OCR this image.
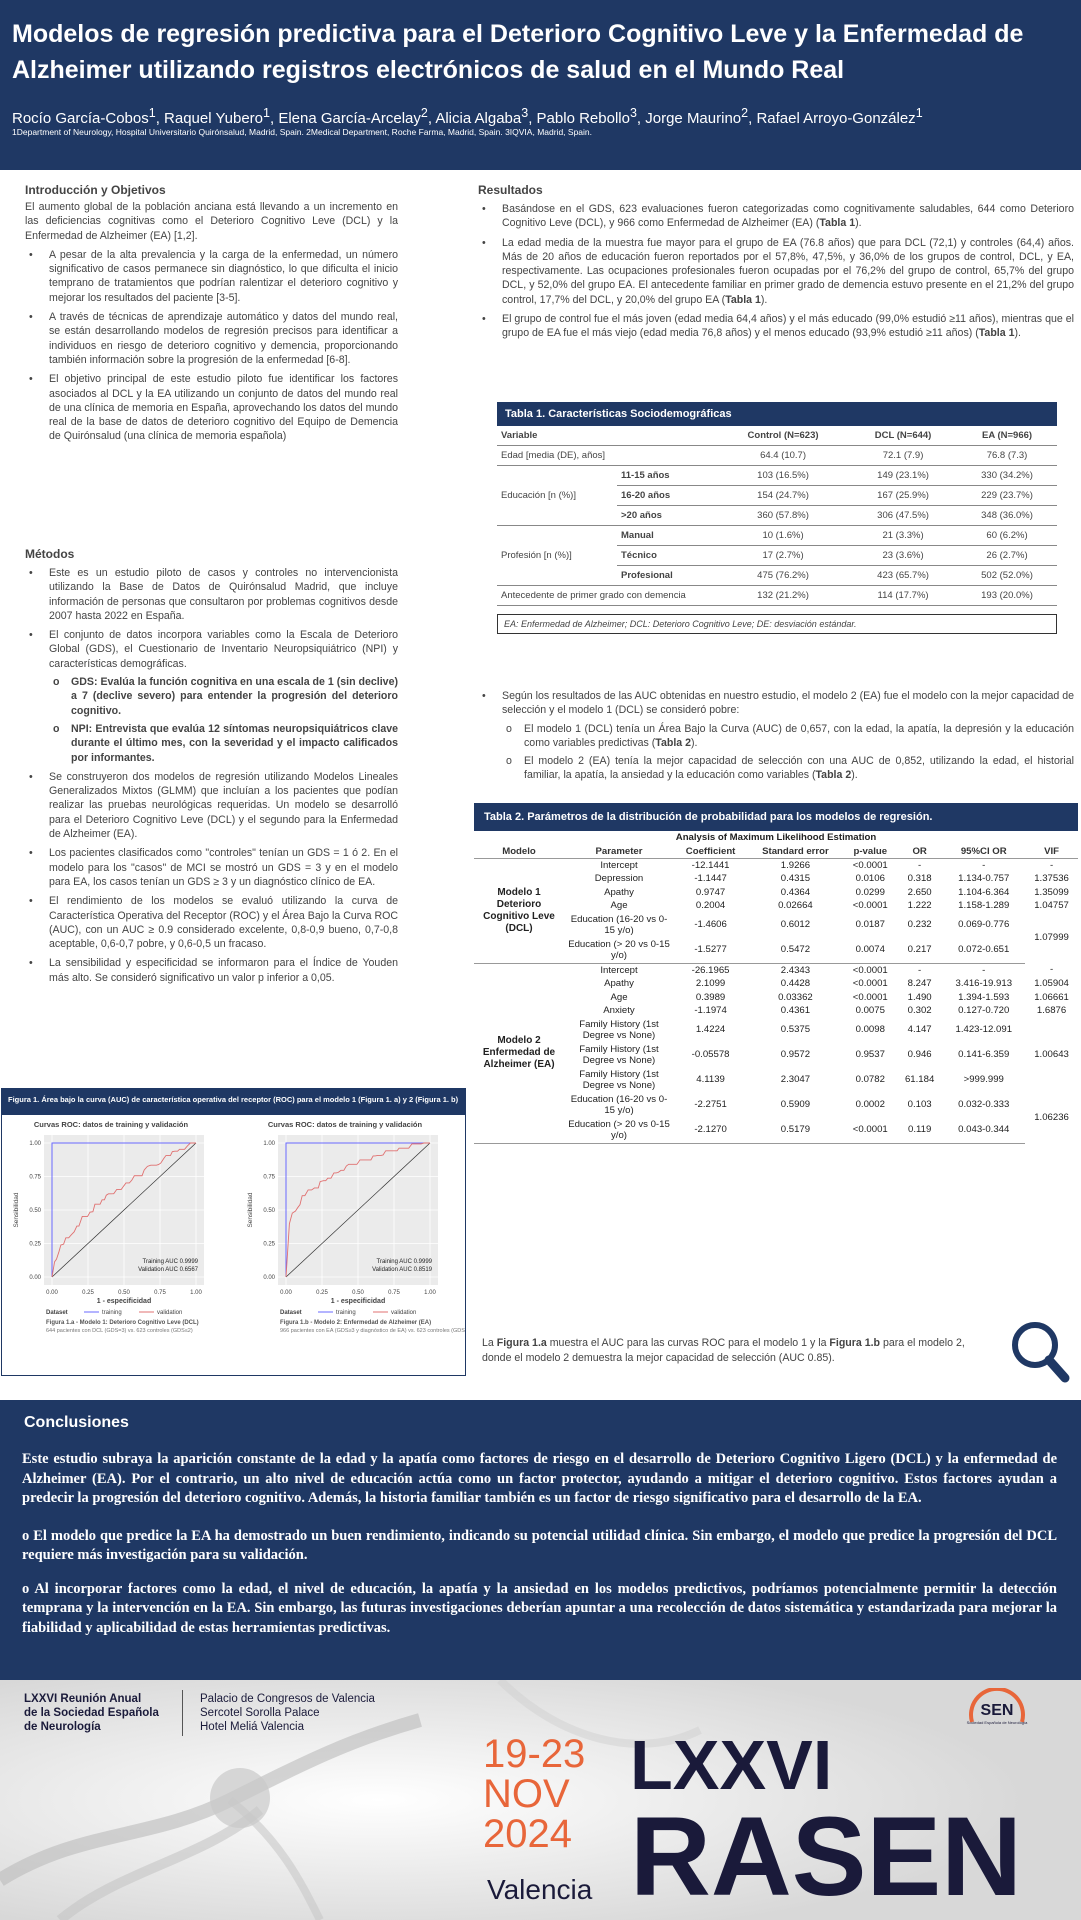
Modelos de regresión predictiva para el Deterioro Cognitivo Leve y la Enfermedad de Alzheimer utilizando registros electrónicos de salud en el Mundo Real
Rocío García-Cobos$^1$, Raquel Yubero$^1$, Elena García-Arcelay$^2$, Alicia Algaba$^3$, Pablo Rebollo$^3$, Jorge Maurino$^2$, Rafael Arroyo-González$^1$
1Department of Neurology, Hospital Universitario Quirónsalud, Madrid, Spain. 2Medical Department, Roche Farma, Madrid, Spain. 3IQVIA, Madrid, Spain.
Introducción y Objetivos
El aumento global de la población anciana está llevando a un incremento en las deficiencias cognitivas como el Deterioro Cognitivo Leve (DCL) y la Enfermedad de Alzheimer (EA) [1,2].
• A pesar de la alta prevalencia y la carga de la enfermedad, un número significativo de casos permanece sin diagnóstico, lo que dificulta el inicio temprano de tratamientos que podrían ralentizar el deterioro cognitivo y mejorar los resultados del paciente [3-5].
• A través de técnicas de aprendizaje automático y datos del mundo real, se están desarrollando modelos de regresión precisos para identificar a individuos en riesgo de deterioro cognitivo y demencia, proporcionando también información sobre la progresión de la enfermedad [6-8].
• El objetivo principal de este estudio piloto fue identificar los factores asociados al DCL y la EA utilizando un conjunto de datos del mundo real de una clínica de memoria en España, aprovechando los datos del mundo real de la base de datos de deterioro cognitivo del Equipo de Demencia de Quirónsalud (una clínica de memoria española)
Métodos
• Este es un estudio piloto de casos y controles no intervencionista utilizando la Base de Datos de Quirónsalud Madrid, que incluye información de personas que consultaron por problemas cognitivos desde 2007 hasta 2022 en España.
• El conjunto de datos incorpora variables como la Escala de Deterioro Global (GDS), el Cuestionario de Inventario Neuropsiquiátrico (NPI) y características demográficas.
o GDS: Evalúa la función cognitiva en una escala de 1 (sin declive) a 7 (declive severo) para entender la progresión del deterioro cognitivo.
o NPI: Entrevista que evalúa 12 síntomas neuropsiquiátricos clave durante el último mes, con la severidad y el impacto calificados por informantes.
• Se construyeron dos modelos de regresión utilizando Modelos Lineales Generalizados Mixtos (GLMM) que incluían a los pacientes que podían realizar las pruebas neurológicas requeridas. Un modelo se desarrolló para el Deterioro Cognitivo Leve (DCL) y el segundo para la Enfermedad de Alzheimer (EA).
• Los pacientes clasificados como "controles" tenían un GDS = 1 ó 2. En el modelo para los "casos" de MCI se mostró un GDS = 3 y en el modelo para EA, los casos tenían un GDS ≥ 3 y un diagnóstico clínico de EA.
• El rendimiento de los modelos se evaluó utilizando la curva de Característica Operativa del Receptor (ROC) y el Área Bajo la Curva ROC (AUC), con un AUC ≥ 0.9 considerado excelente, 0,8-0,9 bueno, 0,7-0,8 aceptable, 0,6-0,7 pobre, y 0,6-0,5 un fracaso.
• La sensibilidad y especificidad se informaron para el Índice de Youden más alto. Se consideró significativo un valor p inferior a 0,05.
Resultados
• Basándose en el GDS, 623 evaluaciones fueron categorizadas como cognitivamente saludables, 644 como Deterioro Cognitivo Leve (DCL), y 966 como Enfermedad de Alzheimer (EA) (Tabla 1).
• La edad media de la muestra fue mayor para el grupo de EA (76.8 años) que para DCL (72,1) y controles (64,4) años. Más de 20 años de educación fueron reportados por el 57,8%, 47,5%, y 36,0% de los grupos de control, DCL, y EA, respectivamente. Las ocupaciones profesionales fueron ocupadas por el 76,2% del grupo de control, 65,7% del grupo DCL, y 52,0% del grupo EA. El antecedente familiar en primer grado de demencia estuvo presente en el 21,2% del grupo control, 17,7% del DCL, y 20,0% del grupo EA (Tabla 1).
• El grupo de control fue el más joven (edad media 64,4 años) y el más educado (99,0% estudió ≥11 años), mientras que el grupo de EA fue el más viejo (edad media 76,8 años) y el menos educado (93,9% estudió ≥11 años) (Tabla 1).
Tabla 1. Características Sociodemográficas
Variable		Control (N=623)	DCL (N=644)	EA (N=966)
Edad [media (DE), años]		64.4 (10.7)	72.1 (7.9)	76.8 (7.3)
Educación [n (%)]	11-15 años	103 (16.5%)	149 (23.1%)	330 (34.2%)
	16-20 años	154 (24.7%)	167 (25.9%)	229 (23.7%)
	>20 años	360 (57.8%)	306 (47.5%)	348 (36.0%)
Profesión [n (%)]	Manual	10 (1.6%)	21 (3.3%)	60 (6.2%)
	Técnico	17 (2.7%)	23 (3.6%)	26 (2.7%)
	Profesional	475 (76.2%)	423 (65.7%)	502 (52.0%)
Antecedente de primer grado con demencia		132 (21.2%)	114 (17.7%)	193 (20.0%)
EA: Enfermedad de Alzheimer; DCL: Deterioro Cognitivo Leve; DE: desviación estándar.
• Según los resultados de las AUC obtenidas en nuestro estudio, el modelo 2 (EA) fue el modelo con la mejor capacidad de selección y el modelo 1 (DCL) se consideró pobre:
o El modelo 1 (DCL) tenía un Área Bajo la Curva (AUC) de 0,657, con la edad, la apatía, la depresión y la educación como variables predictivas (Tabla 2).
o El modelo 2 (EA) tenía la mejor capacidad de selección con una AUC de 0,852, utilizando la edad, el historial familiar, la apatía, la ansiedad y la educación como variables (Tabla 2).
Tabla 2. Parámetros de la distribución de probabilidad para los modelos de regresión.
Analysis of Maximum Likelihood Estimation							
Modelo	Parameter	Coefficient	Standard error	p-value	OR	95%CI OR	VIF
Modelo 1 Deterioro Cognitivo Leve (DCL)	Intercept	-12.1441	1.9266	<0.0001	-	-	-
	Depression	-1.1447	0.4315	0.0106	0.318	1.134-0.757	1.37536
	Apathy	0.9747	0.4364	0.0299	2.650	1.104-6.364	1.35099
	Age	0.2004	0.02664	<0.0001	1.222	1.158-1.289	1.04757
	Education (16-20 vs 0-15 y/o)	-1.4606	0.6012	0.0187	0.232	0.069-0.776	1.07999
	Education (> 20 vs 0-15 y/o)	-1.5277	0.5472	0.0074	0.217	0.072-0.651	
Modelo 2 Enfermedad de Alzheimer (EA)	Intercept	-26.1965	2.4343	<0.0001	-	-	-
	Apathy	2.1099	0.4428	<0.0001	8.247	3.416-19.913	1.05904
	Age	0.3989	0.03362	<0.0001	1.490	1.394-1.593	1.06661
	Anxiety	-1.1974	0.4361	0.0075	0.302	0.127-0.720	1.6876
	Family History (1st Degree vs None)	1.4224	0.5375	0.0098	4.147	1.423-12.091	1.00643
	Family History (1st Degree vs None)	-0.05578	0.9572	0.9537	0.946	0.141-6.359	
	Family History (1st Degree vs None)	4.1139	2.3047	0.0782	61.184	>999.999	
	Education (16-20 vs 0-15 y/o)	-2.2751	0.5909	0.0002	0.103	0.032-0.333	1.06236
	Education (> 20 vs 0-15 y/o)	-2.1270	0.5179	<0.0001	0.119	0.043-0.344	
Figura 1. Área bajo la curva (AUC) de característica operativa del receptor (ROC) para el modelo 1 (Figura 1. a) y 2 (Figura 1. b)
Curvas ROC: datos de training y validación
0.00
0.00
0.25
0.25
0.50
0.50
0.75
0.75
1.00
1.00
Training AUC 0.9999
Validation AUC 0.6567
Sensibilidad
1 - especificidad
Dataset	training	validation
Figura 1.a - Modelo 1: Deterioro Cognitivo Leve (DCL)
644 pacientes con DCL (GDS=3) vs. 623 controles (GDS≤2)
Curvas ROC: datos de training y validación
0.00
0.00
0.25
0.25
0.50
0.50
0.75
0.75
1.00
1.00
Training AUC 0.9999
Validation AUC 0.8519
Sensibilidad
1 - especificidad
Dataset	training	validation
Figura 1.b - Modelo 2: Enfermedad de Alzheimer (EA)
966 pacientes con EA (GDS≥3 y diagnóstico de EA) vs. 623 controles (GDS≤2)
La Figura 1.a muestra el AUC para las curvas ROC para el modelo 1 y la Figura 1.b para el modelo 2, donde el modelo 2 demuestra la mejor capacidad de selección (AUC 0.85).
Conclusiones
Este estudio subraya la aparición constante de la edad y la apatía como factores de riesgo en el desarrollo de Deterioro Cognitivo Ligero (DCL) y la enfermedad de Alzheimer (EA). Por el contrario, un alto nivel de educación actúa como un factor protector, ayudando a mitigar el deterioro cognitivo. Estos factores ayudan a predecir la progresión del deterioro cognitivo. Además, la historia familiar también es un factor de riesgo significativo para el desarrollo de la EA.
o El modelo que predice la EA ha demostrado un buen rendimiento, indicando su potencial utilidad clínica. Sin embargo, el modelo que predice la progresión del DCL requiere más investigación para su validación.
o Al incorporar factores como la edad, el nivel de educación, la apatía y la ansiedad en los modelos predictivos, podríamos potencialmente permitir la detección temprana y la intervención en la EA. Sin embargo, las futuras investigaciones deberían apuntar a una recolección de datos sistemática y estandarizada para mejorar la fiabilidad y aplicabilidad de estas herramientas predictivas.
LXXVI Reunión Anual
de la Sociedad Española
de Neurología
Palacio de Congresos de Valencia
Sercotel Sorolla Palace
Hotel Meliá Valencia
19-23
NOV
2024
Valencia
LXXVI
RASEN
SEN
Sociedad Española de Neurología
